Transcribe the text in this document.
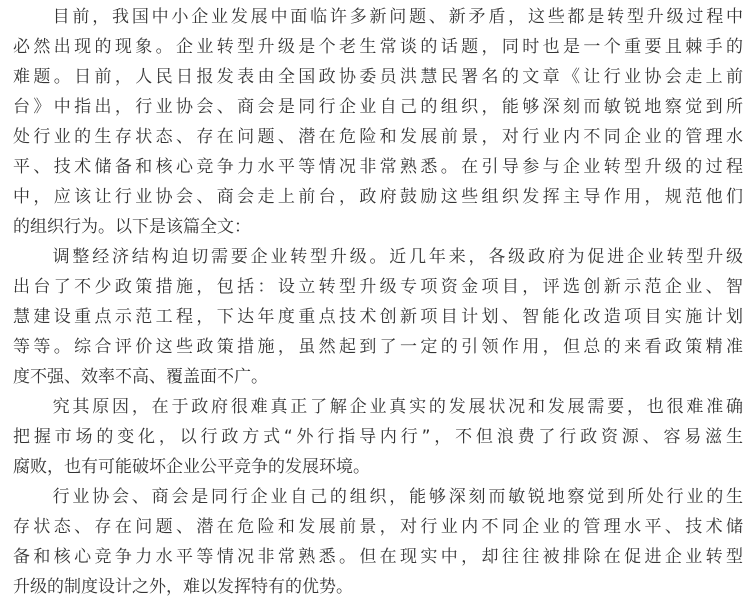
　　目前，我国中小企业发展中面临许多新问题、新矛盾，这些都是转型升级过程中
必然出现的现象。企业转型升级是个老生常谈的话题，同时也是一个重要且棘手的
难题。日前，人民日报发表由全国政协委员洪慧民署名的文章《让行业协会走上前
台》中指出，行业协会、商会是同行企业自己的组织，能够深刻而敏锐地察觉到所
处行业的生存状态、存在问题、潜在危险和发展前景，对行业内不同企业的管理水
平、技术储备和核心竞争力水平等情况非常熟悉。在引导参与企业转型升级的过程
中，应该让行业协会、商会走上前台，政府鼓励这些组织发挥主导作用，规范他们
的组织行为。以下是该篇全文：

　　调整经济结构迫切需要企业转型升级。近几年来，各级政府为促进企业转型升级
出台了不少政策措施，包括：设立转型升级专项资金项目，评选创新示范企业、智
慧建设重点示范工程，下达年度重点技术创新项目计划、智能化改造项目实施计划
等等。综合评价这些政策措施，虽然起到了一定的引领作用，但总的来看政策精准
度不强、效率不高、覆盖面不广。

　　究其原因，在于政府很难真正了解企业真实的发展状况和发展需要，也很难准确
把握市场的变化，以行政方式“外行指导内行”，不但浪费了行政资源、容易滋生
腐败，也有可能破坏企业公平竞争的发展环境。

　　行业协会、商会是同行企业自己的组织，能够深刻而敏锐地察觉到所处行业的生
存状态、存在问题、潜在危险和发展前景，对行业内不同企业的管理水平、技术储
备和核心竞争力水平等情况非常熟悉。但在现实中，却往往被排除在促进企业转型
升级的制度设计之外，难以发挥特有的优势。
